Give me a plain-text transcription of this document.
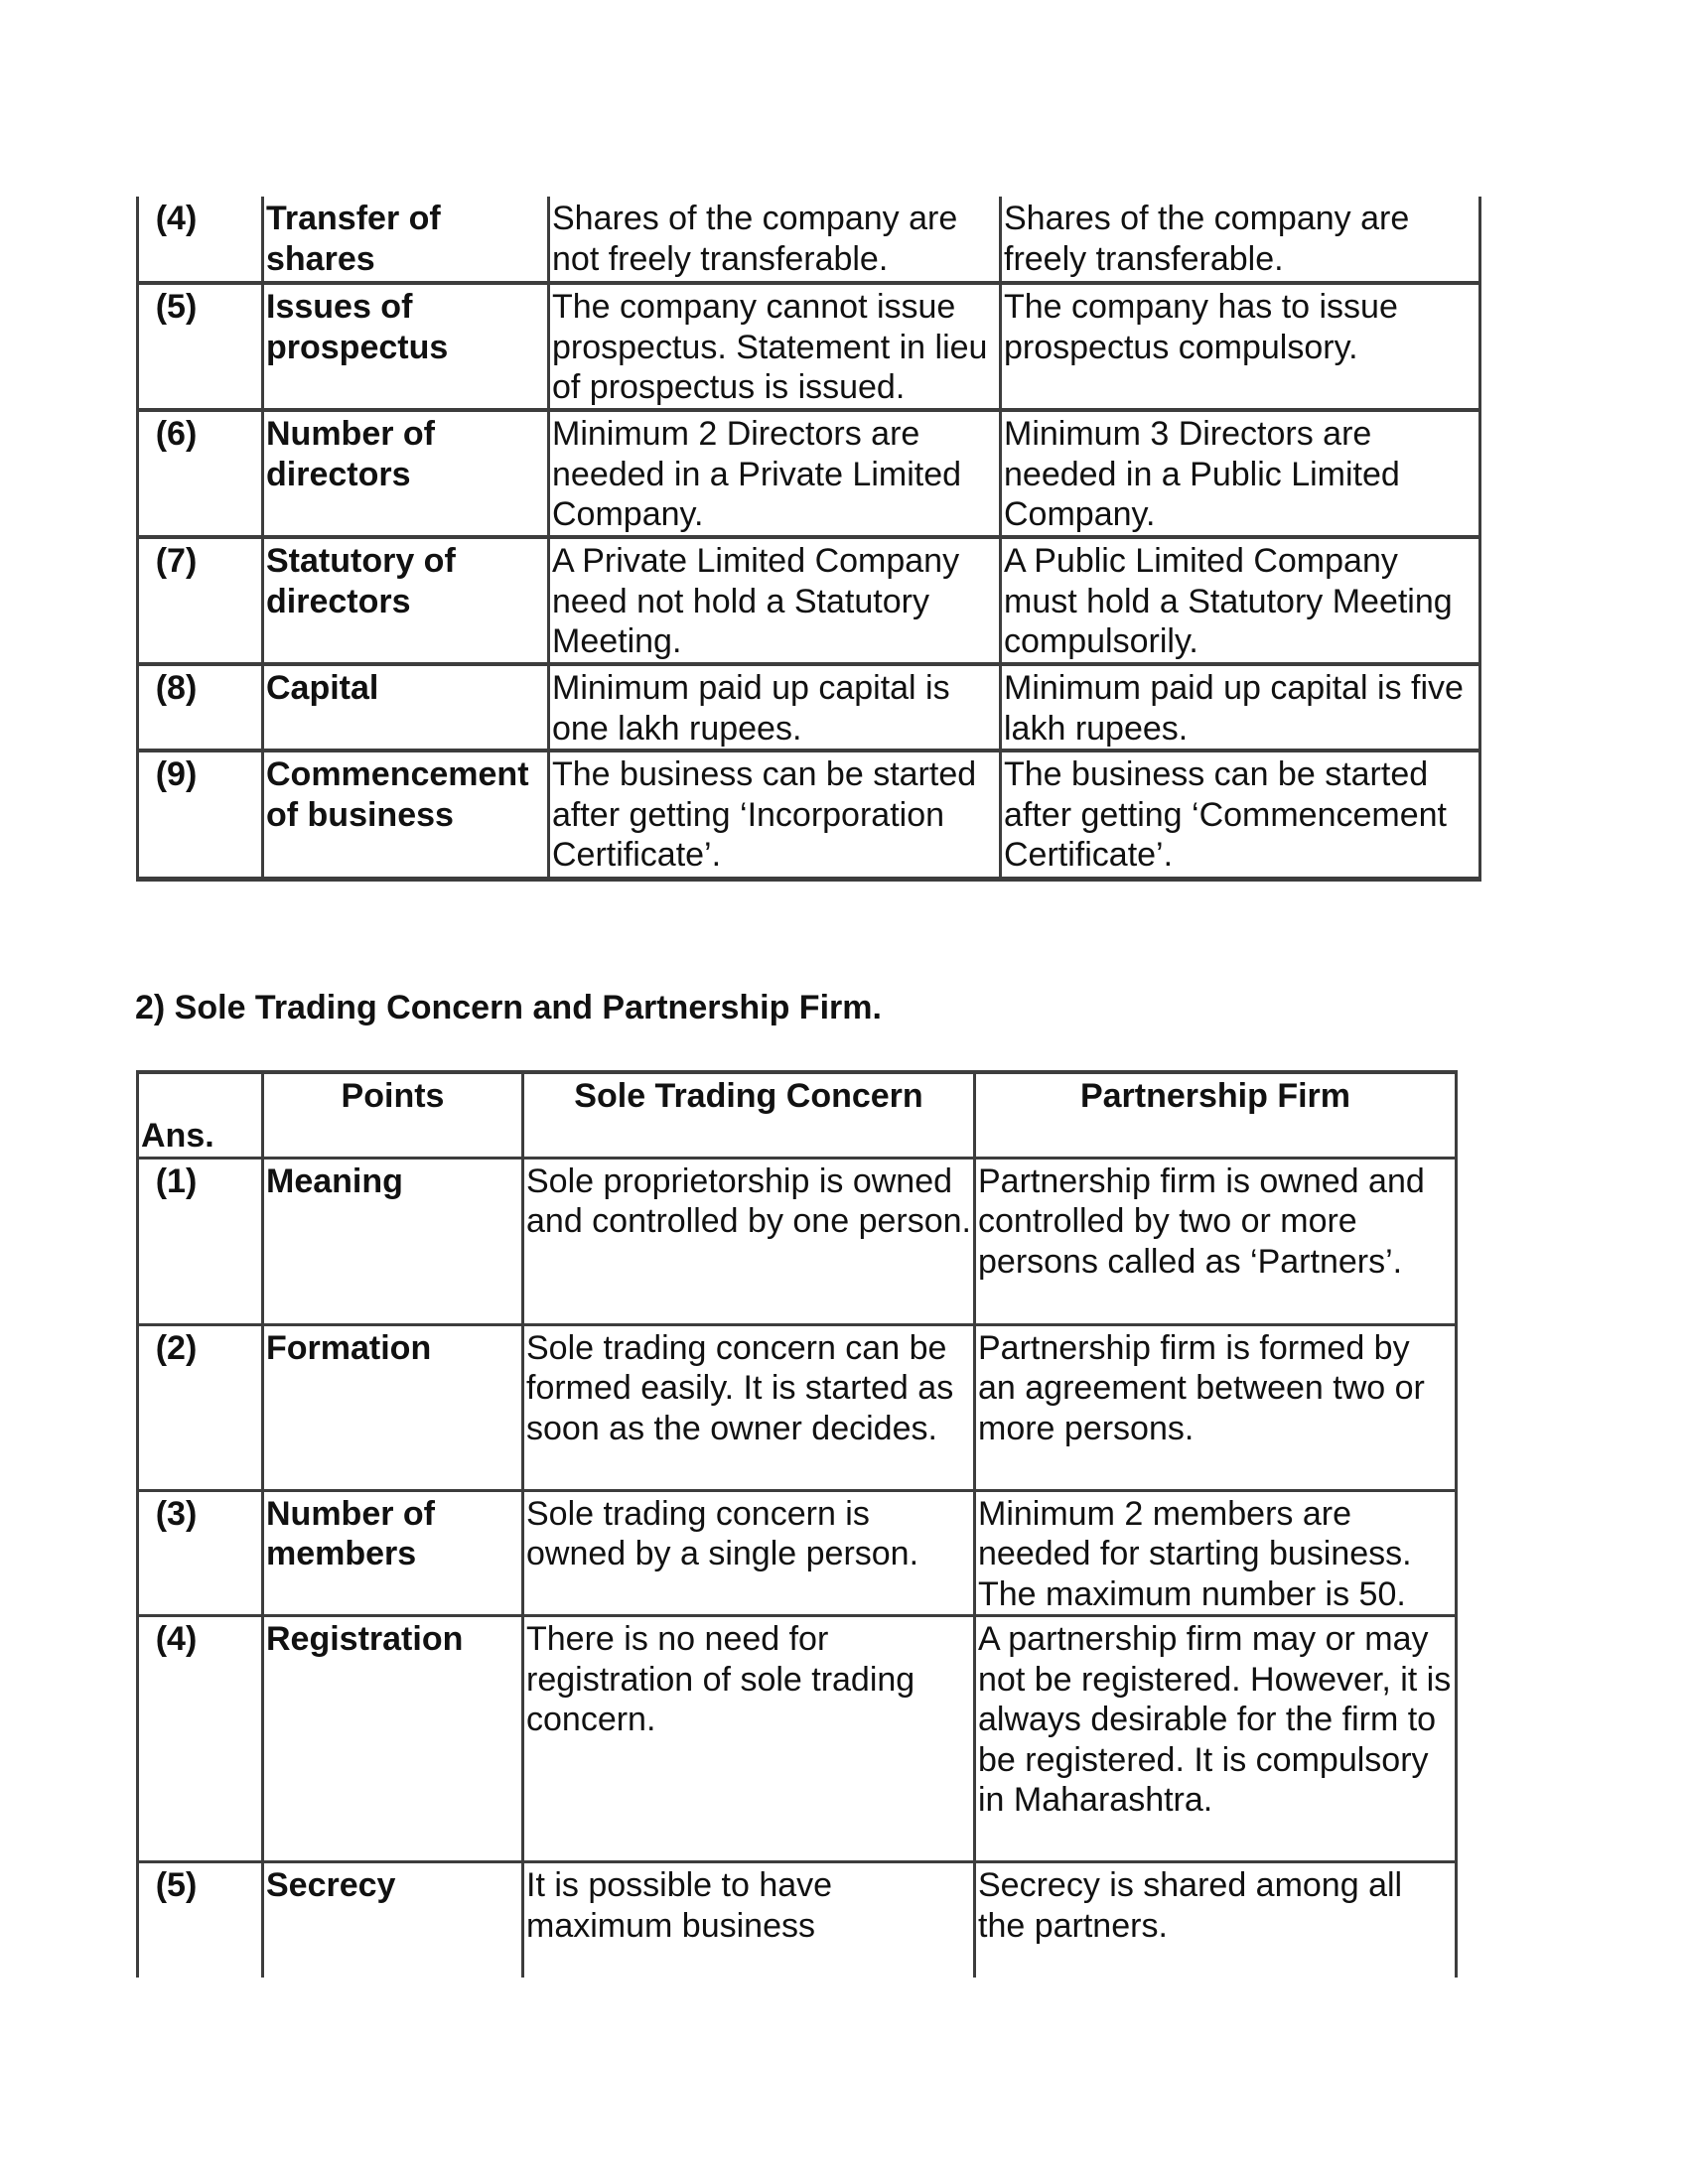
(4)	Transfer of shares	Shares of the company are not freely transferable.	Shares of the company are freely transferable.
(5)	Issues of prospectus	The company cannot issue prospectus. Statement in lieu of prospectus is issued.	The company has to issue prospectus compulsory.
(6)	Number of directors	Minimum 2 Directors are needed in a Private Limited Company.	Minimum 3 Directors are needed in a Public Limited Company.
(7)	Statutory of directors	A Private Limited Company need not hold a Statutory Meeting.	A Public Limited Company must hold a Statutory Meeting compulsorily.
(8)	Capital	Minimum paid up capital is one lakh rupees.	Minimum paid up capital is five lakh rupees.
(9)	Commencement of business	The business can be started after getting ‘Incorporation Certificate’.	The business can be started after getting ‘Commencement Certificate’.
2) Sole Trading Concern and Partnership Firm.
Ans.	Points	Sole Trading Concern	Partnership Firm
(1)	Meaning	Sole proprietorship is owned and controlled by one person.	Partnership firm is owned and controlled by two or more persons called as ‘Partners’.
(2)	Formation	Sole trading concern can be formed easily. It is started as soon as the owner decides.	Partnership firm is formed by an agreement between two or more persons.
(3)	Number of members	Sole trading concern is owned by a single person.	Minimum 2 members are needed for starting business. The maximum number is 50.
(4)	Registration	There is no need for registration of sole trading concern.	A partnership firm may or may not be registered. However, it is always desirable for the firm to be registered. It is compulsory in Maharashtra.
(5)	Secrecy	It is possible to have maximum business	Secrecy is shared among all the partners.
